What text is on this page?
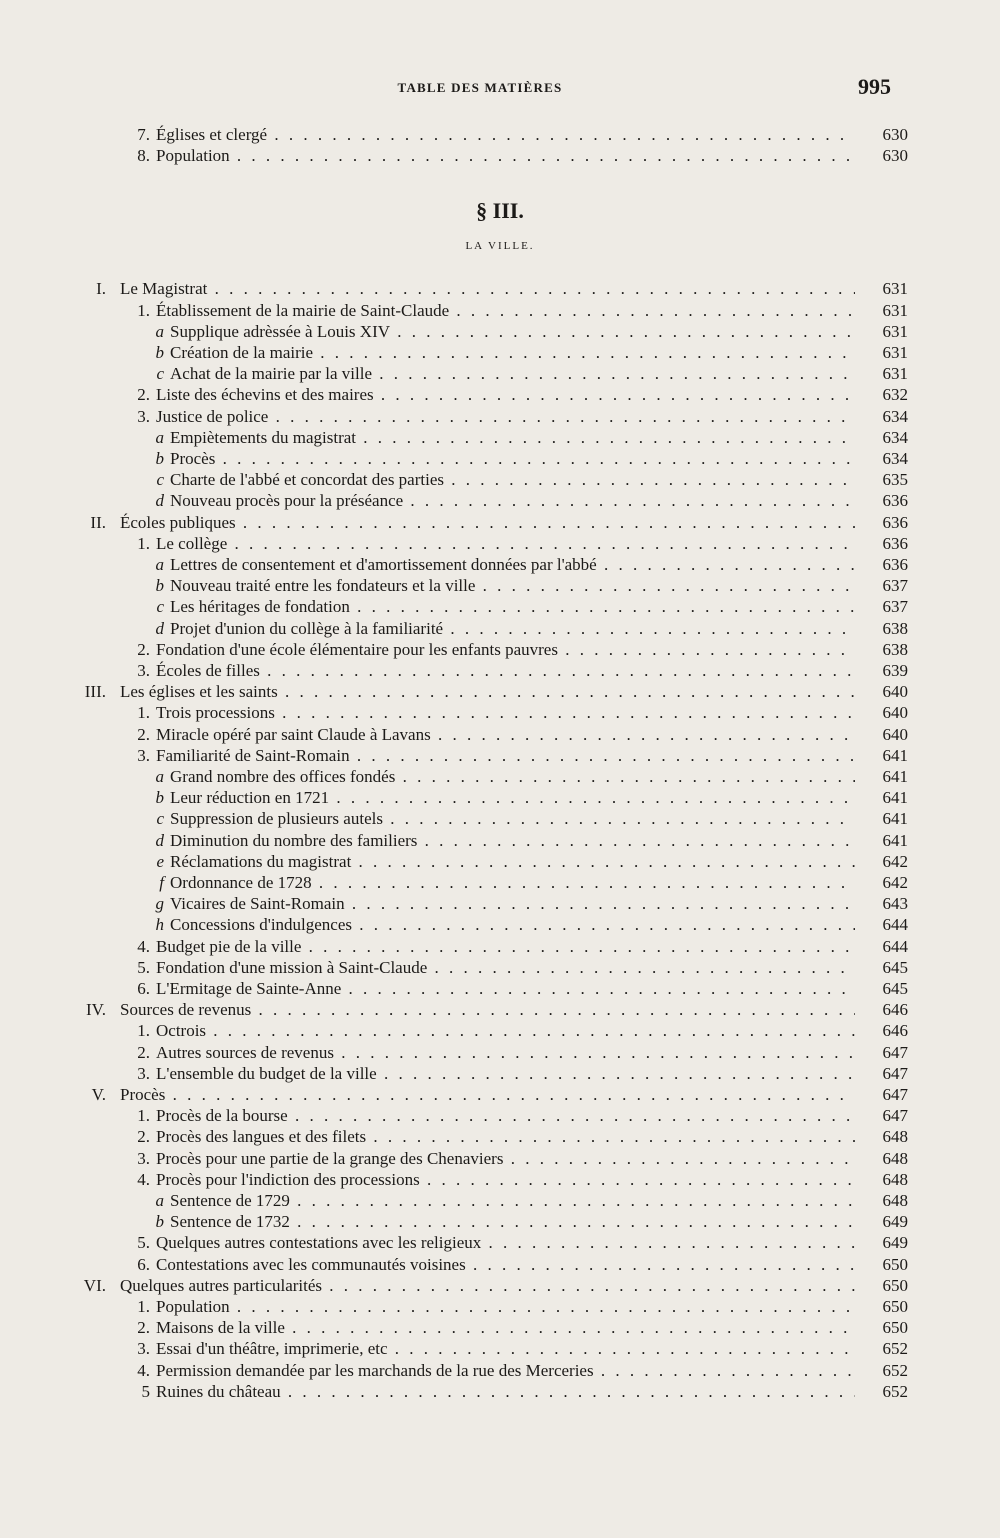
TABLE DES MATIÈRES	995
§ III.
LA VILLE.
7. Églises et clergé . . .	630
8. Population . . .	630
I. Le Magistrat . . .	631
1. Établissement de la mairie de Saint-Claude . . .	631
a Supplique adrèssée à Louis XIV . . .	631
b Création de la mairie . . .	631
c Achat de la mairie par la ville . . .	631
2. Liste des échevins et des maires . . .	632
3. Justice de police . . .	634
a Empiètements du magistrat . . .	634
b Procès . . .	634
c Charte de l'abbé et concordat des parties . . .	635
d Nouveau procès pour la préséance . . .	636
II. Écoles publiques . . .	636
1. Le collège . . .	636
a Lettres de consentement et d'amortissement données par l'abbé . . .	636
b Nouveau traité entre les fondateurs et la ville . . .	637
c Les héritages de fondation . . .	637
d Projet d'union du collège à la familiarité . . .	638
2. Fondation d'une école élémentaire pour les enfants pauvres . . .	638
3. Écoles de filles . . .	639
III. Les églises et les saints . . .	640
1. Trois processions . . .	640
2. Miracle opéré par saint Claude à Lavans . . .	640
3. Familiarité de Saint-Romain . . .	641
a Grand nombre des offices fondés . . .	641
b Leur réduction en 1721 . . .	641
c Suppression de plusieurs autels . . .	641
d Diminution du nombre des familiers . . .	641
e Réclamations du magistrat . . .	642
f Ordonnance de 1728 . . .	642
g Vicaires de Saint-Romain . . .	643
h Concessions d'indulgences . . .	644
4. Budget pie de la ville . . .	644
5. Fondation d'une mission à Saint-Claude . . .	645
6. L'Ermitage de Sainte-Anne . . .	645
IV. Sources de revenus . . .	646
1. Octrois . . .	646
2. Autres sources de revenus . . .	647
3. L'ensemble du budget de la ville . . .	647
V. Procès . . .	647
1. Procès de la bourse . . .	647
2. Procès des langues et des filets . . .	648
3. Procès pour une partie de la grange des Chenaviers . . .	648
4. Procès pour l'indiction des processions . . .	648
a Sentence de 1729 . . .	648
b Sentence de 1732 . . .	649
5. Quelques autres contestations avec les religieux . . .	649
6. Contestations avec les communautés voisines . . .	650
VI. Quelques autres particularités . . .	650
1. Population . . .	650
2. Maisons de la ville . . .	650
3. Essai d'un théâtre, imprimerie, etc . . .	652
4. Permission demandée par les marchands de la rue des Merceries . . .	652
5 Ruines du château . . .	652
